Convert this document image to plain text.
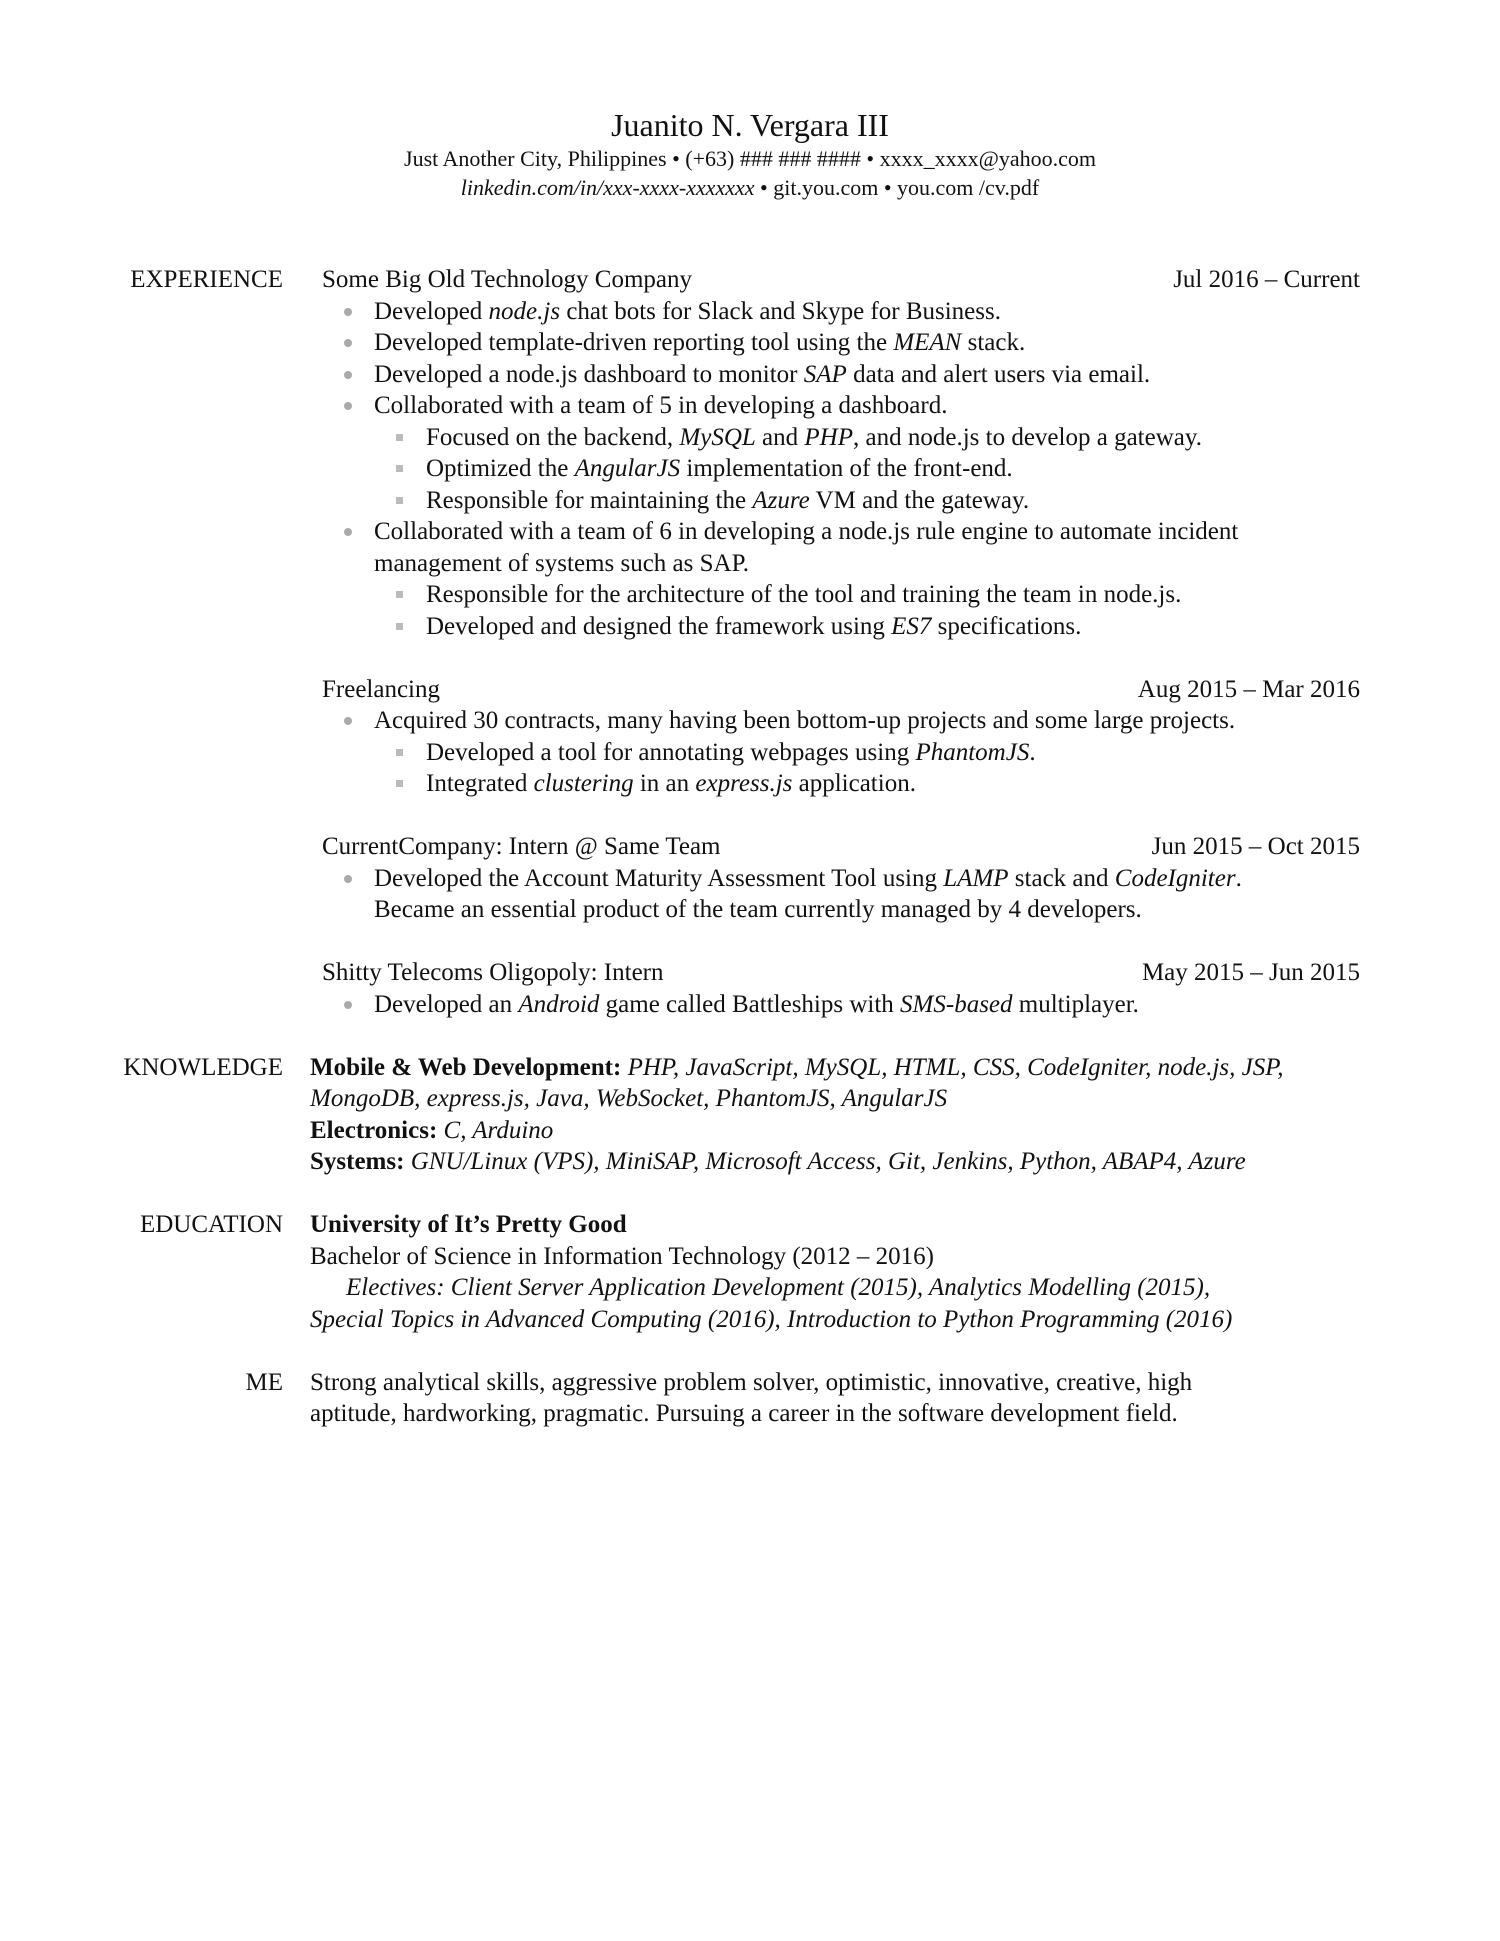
Juanito N. Vergara III
Just Another City, Philippines • (+63) ### ### #### • xxxx_xxxx@yahoo.com
linkedin.com/in/xxx-xxxx-xxxxxxx • git.you.com • you.com /cv.pdf
EXPERIENCE Some Big Old Technology Company	Jul 2016 – Current
Developed node.js chat bots for Slack and Skype for Business.
Developed template-driven reporting tool using the MEAN stack.
Developed a node.js dashboard to monitor SAP data and alert users via email.
Collaborated with a team of 5 in developing a dashboard.
Focused on the backend, MySQL and PHP, and node.js to develop a gateway.
Optimized the AngularJS implementation of the front-end.
Responsible for maintaining the Azure VM and the gateway.
Collaborated with a team of 6 in developing a node.js rule engine to automate incident
management of systems such as SAP.
Responsible for the architecture of the tool and training the team in node.js.
Developed and designed the framework using ES7 specifications.
Freelancing	Aug 2015 – Mar 2016
Acquired 30 contracts, many having been bottom-up projects and some large projects.
Developed a tool for annotating webpages using PhantomJS.
Integrated clustering in an express.js application.
CurrentCompany: Intern @ Same Team	Jun 2015 – Oct 2015
Developed the Account Maturity Assessment Tool using LAMP stack and CodeIgniter.
Became an essential product of the team currently managed by 4 developers.
Shitty Telecoms Oligopoly: Intern	May 2015 – Jun 2015
Developed an Android game called Battleships with SMS-based multiplayer.
KNOWLEDGE Mobile & Web Development: PHP, JavaScript, MySQL, HTML, CSS, CodeIgniter, node.js, JSP,
MongoDB, express.js, Java, WebSocket, PhantomJS, AngularJS
Electronics: C, Arduino
Systems: GNU/Linux (VPS), MiniSAP, Microsoft Access, Git, Jenkins, Python, ABAP4, Azure
EDUCATION University of It’s Pretty Good
Bachelor of Science in Information Technology (2012 – 2016)
Electives: Client Server Application Development (2015), Analytics Modelling (2015),
Special Topics in Advanced Computing (2016), Introduction to Python Programming (2016)
ME Strong analytical skills, aggressive problem solver, optimistic, innovative, creative, high
aptitude, hardworking, pragmatic. Pursuing a career in the software development field.
